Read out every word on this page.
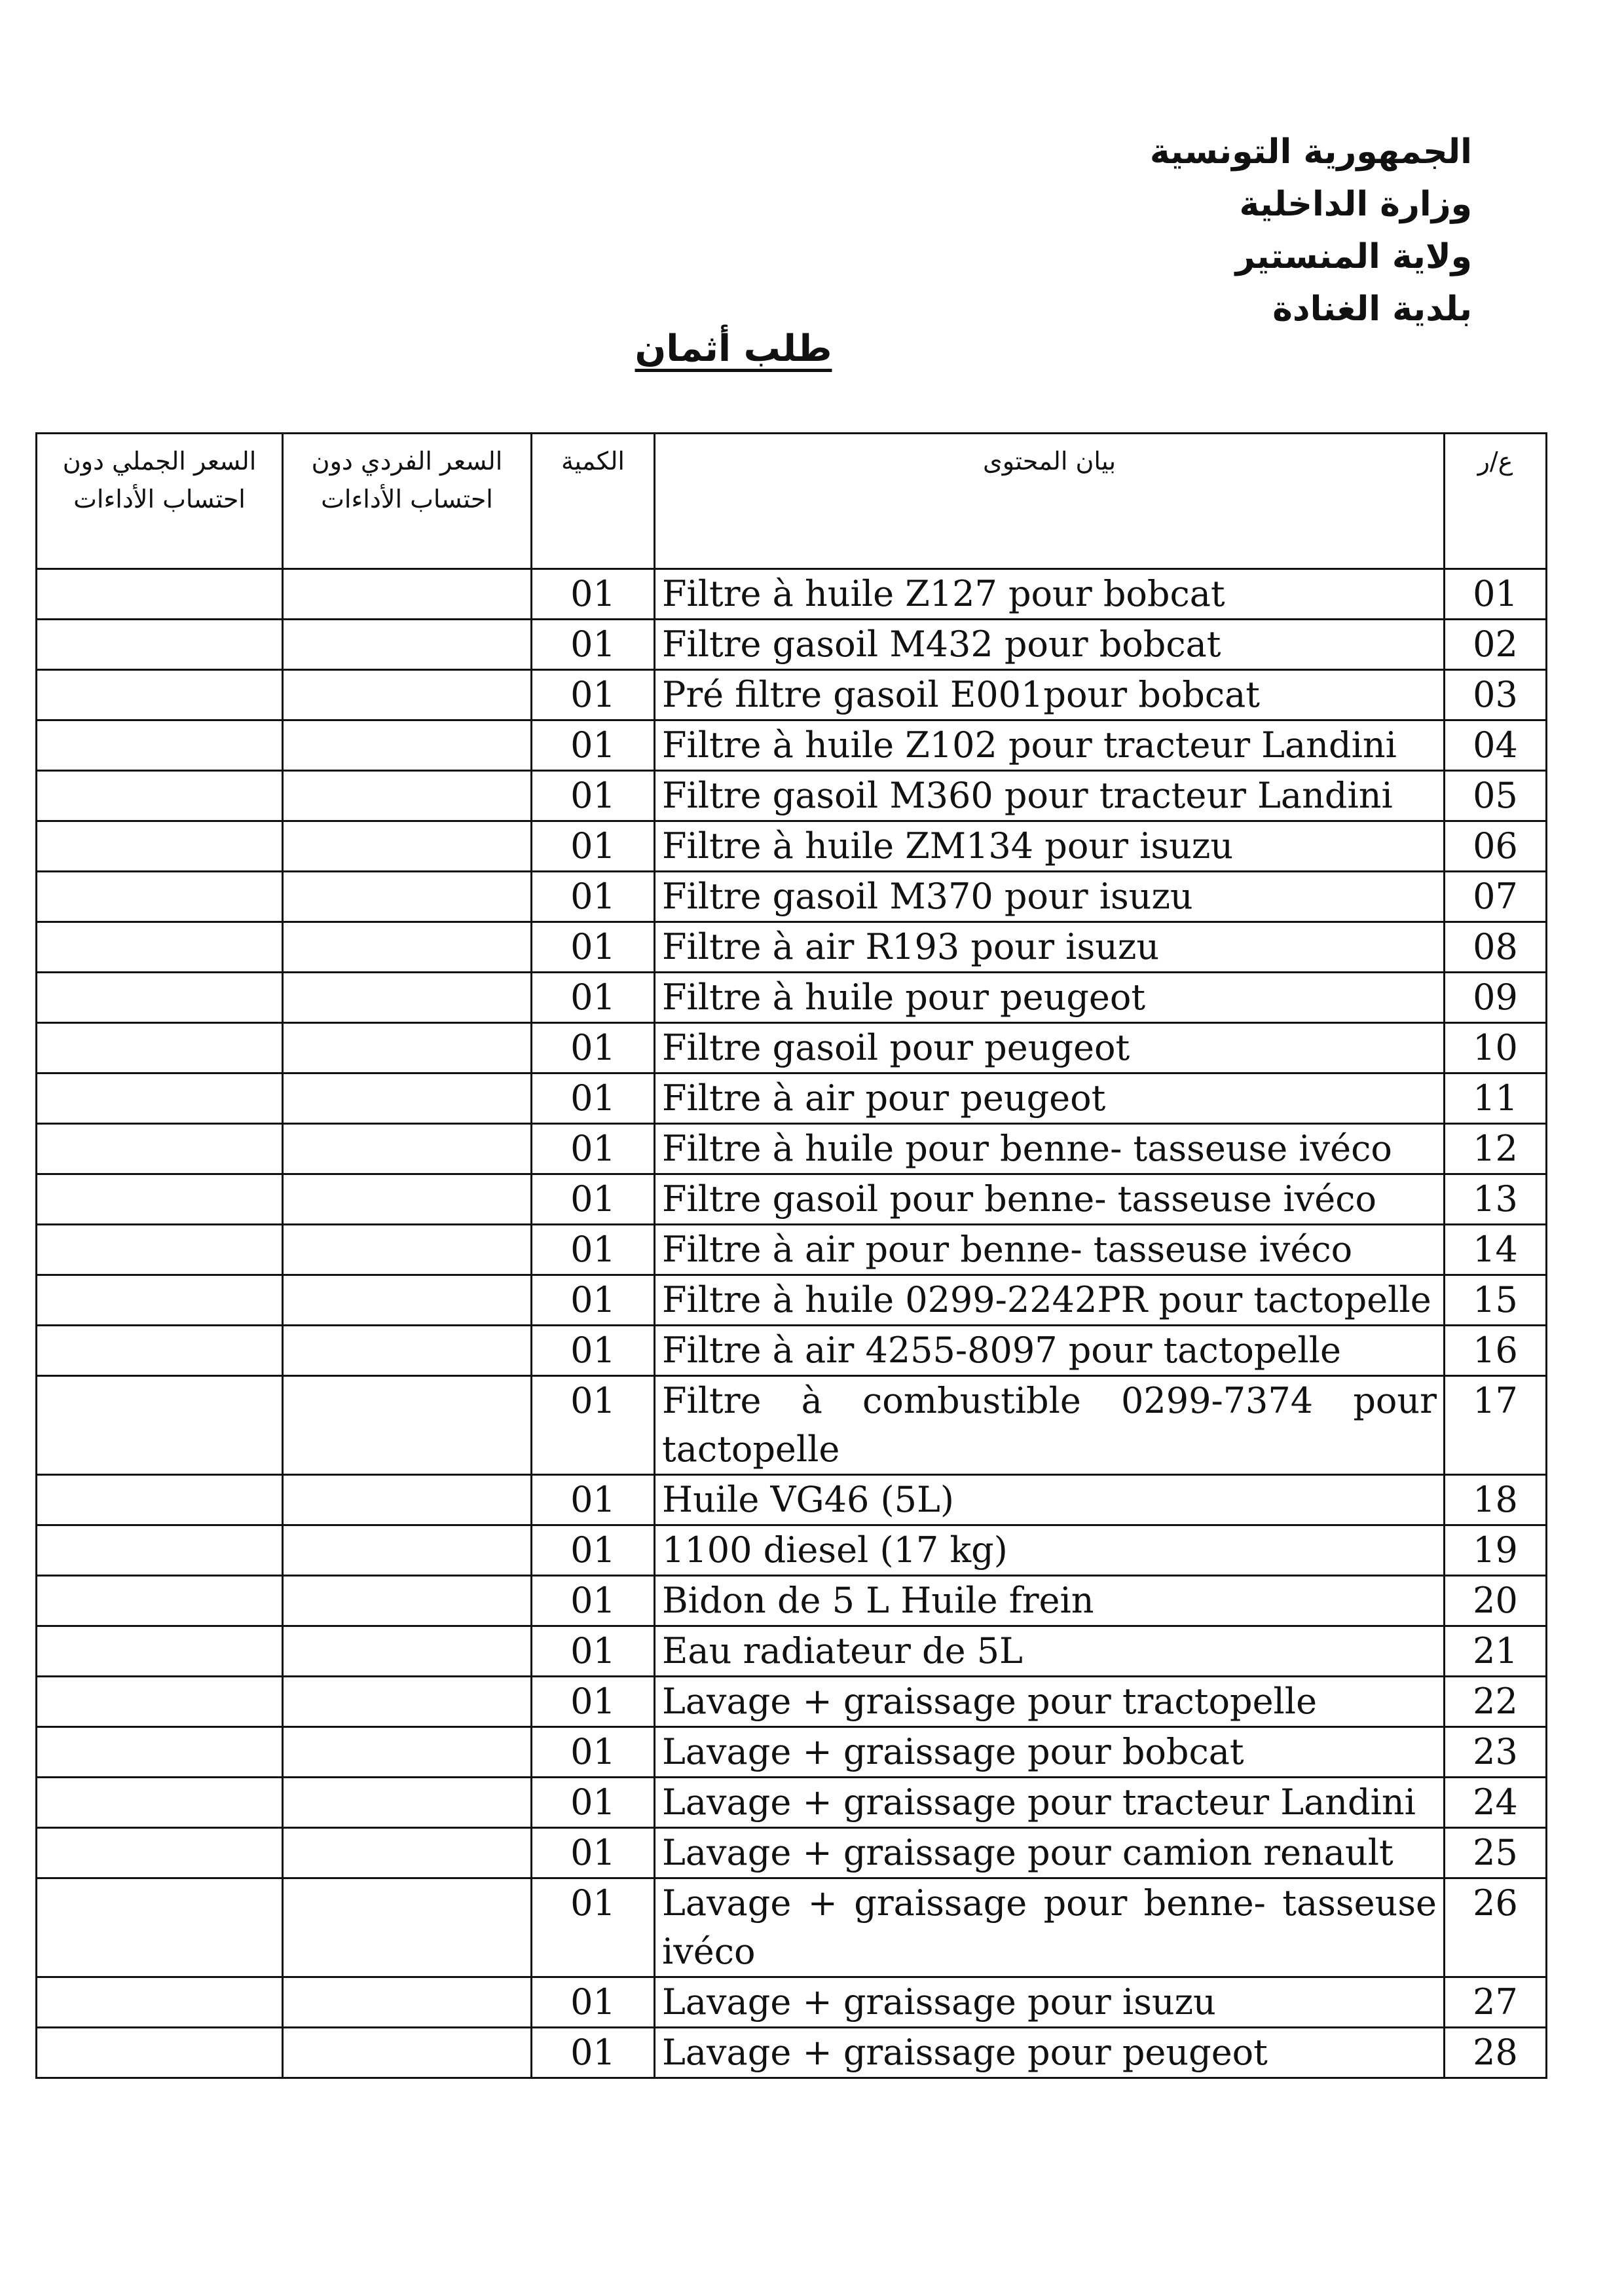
الجمهورية التونسية
وزارة الداخلية
ولاية المنستير
بلدية الغنادة
طلب أثمان
السعر الجملي دون احتساب الأداءات	السعر الفردي دون احتساب الأداءات	الكمية	بيان المحتوى	ع/ر
		01	Filtre à huile Z127 pour bobcat	01
		01	Filtre gasoil M432 pour bobcat	02
		01	Pré filtre gasoil E001pour bobcat	03
		01	Filtre à huile Z102 pour tracteur Landini	04
		01	Filtre gasoil M360 pour tracteur Landini	05
		01	Filtre à huile ZM134 pour isuzu	06
		01	Filtre gasoil M370 pour isuzu	07
		01	Filtre à air R193 pour isuzu	08
		01	Filtre à huile pour peugeot	09
		01	Filtre gasoil pour peugeot	10
		01	Filtre à air pour peugeot	11
		01	Filtre à huile pour benne- tasseuse ivéco	12
		01	Filtre gasoil pour benne- tasseuse ivéco	13
		01	Filtre à air pour benne- tasseuse ivéco	14
		01	Filtre à huile 0299-2242PR pour tactopelle	15
		01	Filtre à air 4255-8097 pour tactopelle	16
		01	Filtre à combustible 0299-7374 pour tactopelle	17
		01	Huile VG46 (5L)	18
		01	1100 diesel (17 kg)	19
		01	Bidon de 5 L Huile frein	20
		01	Eau radiateur de 5L	21
		01	Lavage + graissage pour tractopelle	22
		01	Lavage + graissage pour bobcat	23
		01	Lavage + graissage pour tracteur Landini	24
		01	Lavage + graissage pour camion renault	25
		01	Lavage + graissage pour benne- tasseuse ivéco	26
		01	Lavage + graissage pour isuzu	27
		01	Lavage + graissage pour peugeot	28
